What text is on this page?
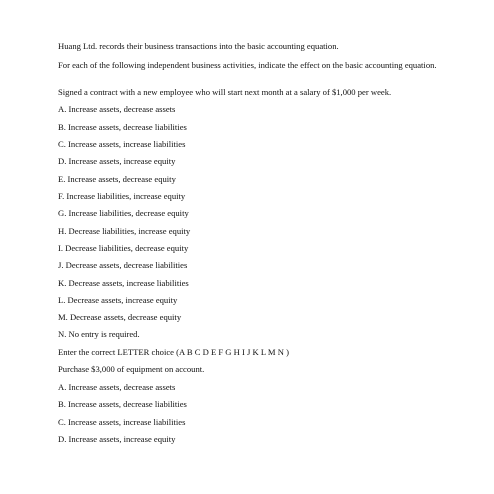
Huang Ltd. records their business transactions into the basic accounting equation.
For each of the following independent business activities, indicate the effect on the basic accounting equation.
Signed a contract with a new employee who will start next month at a salary of $1,000 per week.
A. Increase assets, decrease assets
B. Increase assets, decrease liabilities
C. Increase assets, increase liabilities
D. Increase assets, increase equity
E. Increase assets, decrease equity
F. Increase liabilities, increase equity
G. Increase liabilities, decrease equity
H. Decrease liabilities, increase equity
I. Decrease liabilities, decrease equity
J. Decrease assets, decrease liabilities
K. Decrease assets, increase liabilities
L. Decrease assets, increase equity
M. Decrease assets, decrease equity
N. No entry is required.
Enter the correct LETTER choice (A B C D E F G H I J K L M N )
Purchase $3,000 of equipment on account.
A. Increase assets, decrease assets
B. Increase assets, decrease liabilities
C. Increase assets, increase liabilities
D. Increase assets, increase equity
